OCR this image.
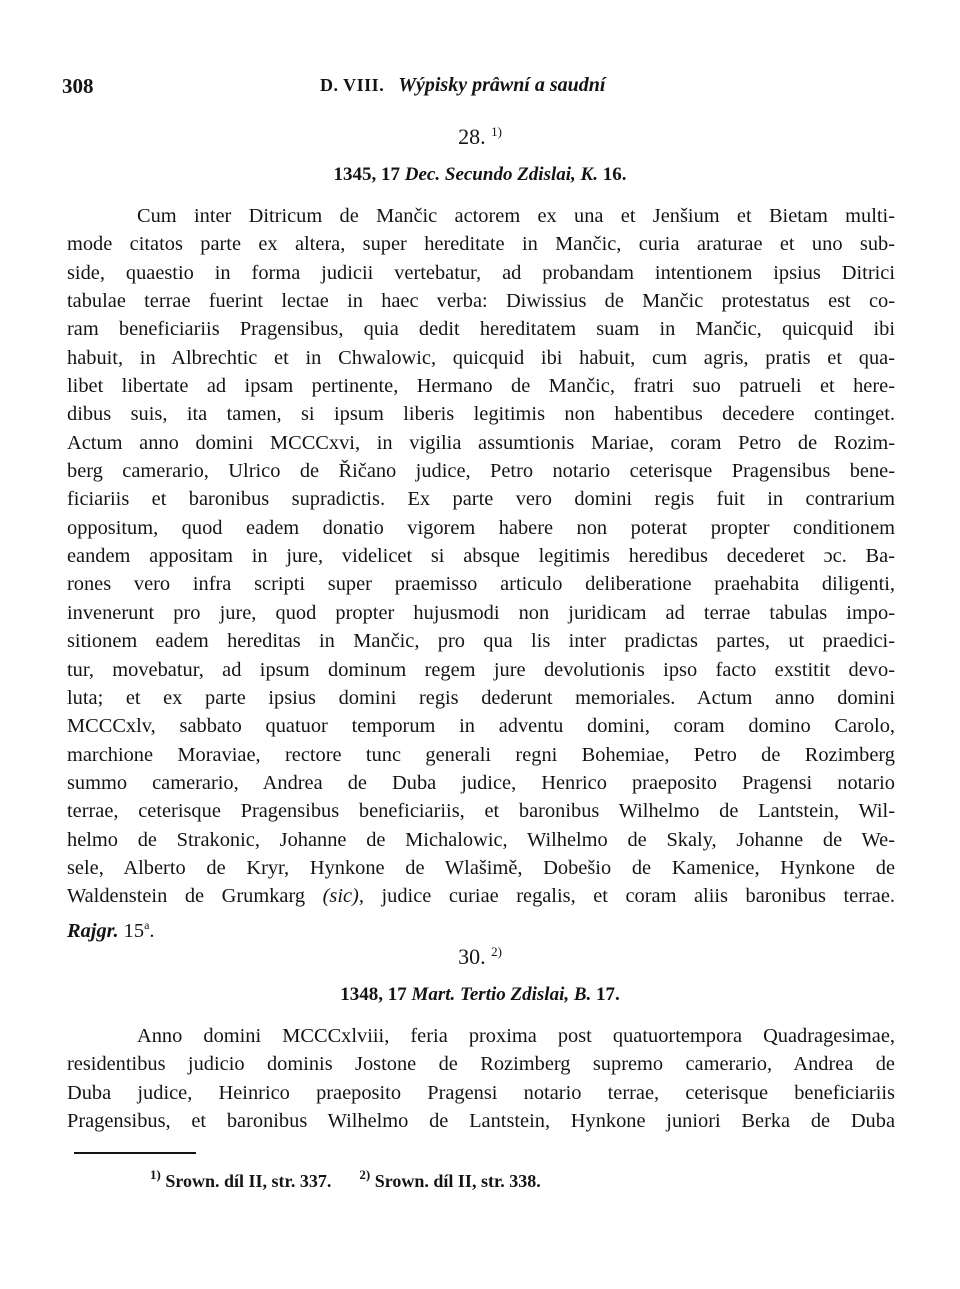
308	D. VIII. Wýpisky prâwní a saudní
28. $^{1)}$
1345, 17 Dec. Secundo Zdislai, K. 16.
Cum inter Ditricum de Mančic actorem ex una et Jenšium et Bietam multi-
mode citatos parte ex altera, super hereditate in Mančic, curia araturae et uno sub-
side, quaestio in forma judicii vertebatur, ad probandam intentionem ipsius Ditrici
tabulae terrae fuerint lectae in haec verba: Diwissius de Mančic protestatus est co-
ram beneficiariis Pragensibus, quia dedit hereditatem suam in Mančic, quicquid ibi
habuit, in Albrechtic et in Chwalowic, quicquid ibi habuit, cum agris, pratis et qua-
libet libertate ad ipsam pertinente, Hermano de Mančic, fratri suo patrueli et here-
dibus suis, ita tamen, si ipsum liberis legitimis non habentibus decedere continget.
Actum anno domini MCCCxvi, in vigilia assumtionis Mariae, coram Petro de Rozim-
berg camerario, Ulrico de Řičano judice, Petro notario ceterisque Pragensibus bene-
ficiariis et baronibus supradictis. Ex parte vero domini regis fuit in contrarium
oppositum, quod eadem donatio vigorem habere non poterat propter conditionem
eandem appositam in jure, videlicet si absque legitimis heredibus decederet ɔc. Ba-
rones vero infra scripti super praemisso articulo deliberatione praehabita diligenti,
invenerunt pro jure, quod propter hujusmodi non juridicam ad terrae tabulas impo-
sitionem eadem hereditas in Mančic, pro qua lis inter pradictas partes, ut praedici-
tur, movebatur, ad ipsum dominum regem jure devolutionis ipso facto exstitit devo-
luta; et ex parte ipsius domini regis dederunt memoriales. Actum anno domini
MCCCxlv, sabbato quatuor temporum in adventu domini, coram domino Carolo,
marchione Moraviae, rectore tunc generali regni Bohemiae, Petro de Rozimberg
summo camerario, Andrea de Duba judice, Henrico praeposito Pragensi notario
terrae, ceterisque Pragensibus beneficiariis, et baronibus Wilhelmo de Lantstein, Wil-
helmo de Strakonic, Johanne de Michalowic, Wilhelmo de Skaly, Johanne de We-
sele, Alberto de Kryr, Hynkone de Wlašimě, Dobešio de Kamenice, Hynkone de
Waldenstein de Grumkarg (sic), judice curiae regalis, et coram aliis baronibus terrae.
Rajgr. 15$^a$.
30. $^{2)}$
1348, 17 Mart. Tertio Zdislai, B. 17.
Anno domini MCCCxlviii, feria proxima post quatuortempora Quadragesimae,
residentibus judicio dominis Jostone de Rozimberg supremo camerario, Andrea de
Duba judice, Heinrico praeposito Pragensi notario terrae, ceterisque beneficiariis
Pragensibus, et baronibus Wilhelmo de Lantstein, Hynkone juniori Berka de Duba
$^{1)}$ Srown. díl II, str. 337. $^{2)}$ Srown. díl II, str. 338.
